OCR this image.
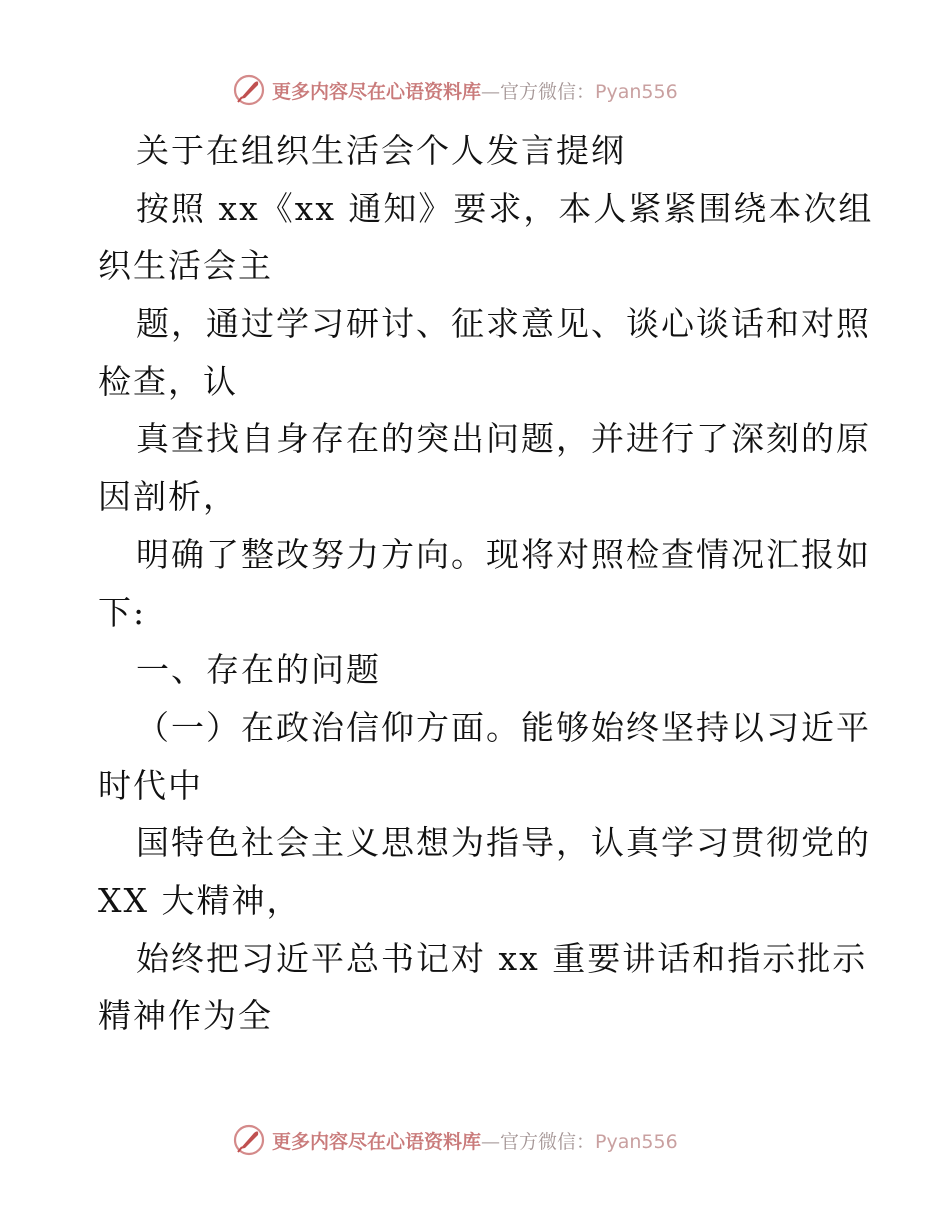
更多内容尽在心语资料库—官方微信：Pyan556
关于在组织生活会个人发言提纲
按照 xx《xx 通知》要求，本人紧紧围绕本次组
织生活会主
题，通过学习研讨、征求意见、谈心谈话和对照
检查，认
真查找自身存在的突出问题，并进行了深刻的原
因剖析，
明确了整改努力方向。现将对照检查情况汇报如
下:
一、存在的问题
（一）在政治信仰方面。能够始终坚持以习近平
时代中
国特色社会主义思想为指导，认真学习贯彻党的
XX 大精神，
始终把习近平总书记对 xx 重要讲话和指示批示
精神作为全
更多内容尽在心语资料库—官方微信：Pyan556
